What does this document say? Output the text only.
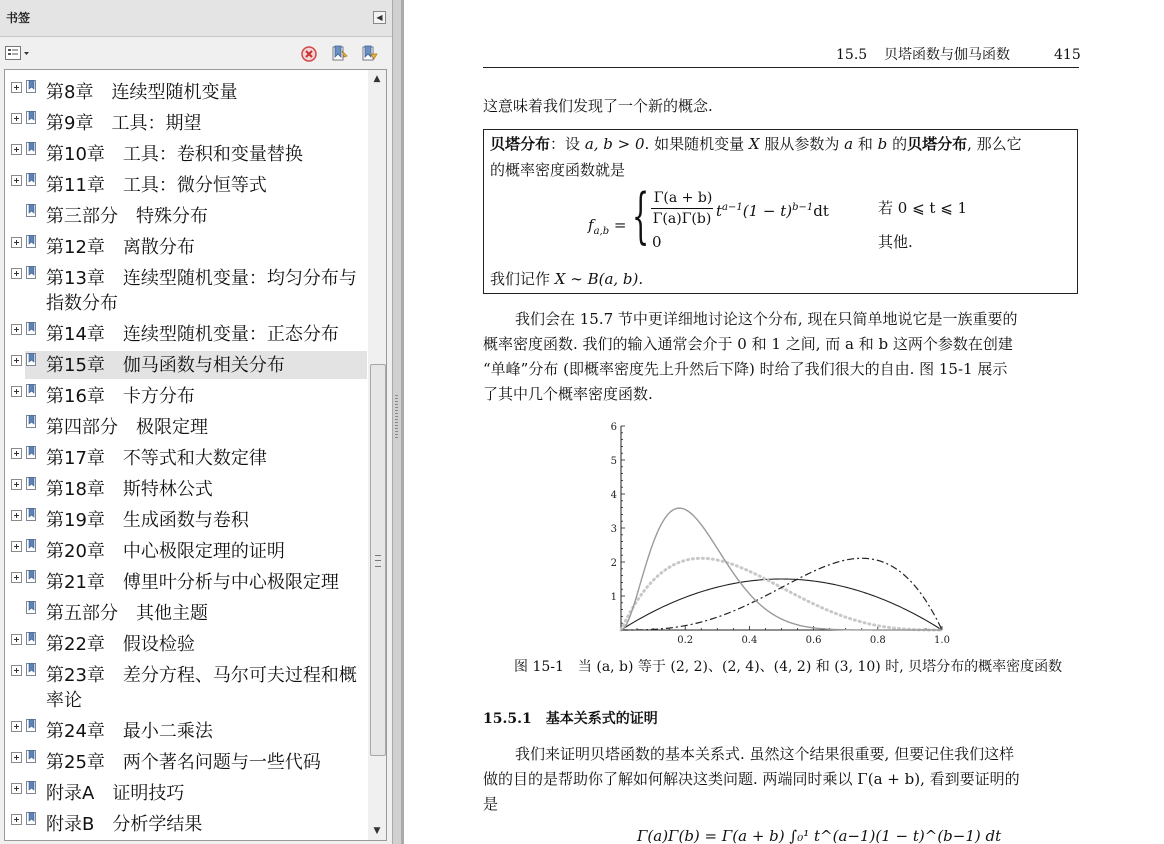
书签	◀
第8章　连续型随机变量
第9章　工具：期望
第10章　工具：卷积和变量替换
第11章　工具：微分恒等式
第三部分　特殊分布
第12章　离散分布
第13章　连续型随机变量：均匀分布与
指数分布
第14章　连续型随机变量：正态分布
第15章　伽马函数与相关分布
第16章　卡方分布
第四部分　极限定理
第17章　不等式和大数定律
第18章　斯特林公式
第19章　生成函数与卷积
第20章　中心极限定理的证明
第21章　傅里叶分析与中心极限定理
第五部分　其他主题
第22章　假设检验
第23章　差分方程、马尔可夫过程和概
率论
第24章　最小二乘法
第25章　两个著名问题与一些代码
附录A　证明技巧
附录B　分析学结果
▲
▼
15.5 贝塔函数与伽马函数	415
这意味着我们发现了一个新的概念.
贝塔分布：设 a, b > 0. 如果随机变量 X 服从参数为 a 和 b 的贝塔分布, 那么它
的概率密度函数就是
$f_{a,b}$ = { Γ(a + b)
Γ(a)Γ(b) $t^{a-1}(1 - t)^{b-1}dt$	若 0 ⩽ t ⩽ 1
0	其他.
我们记作 X ∼ B(a, b).
我们会在 15.7 节中更详细地讨论这个分布, 现在只简单地说它是一族重要的
概率密度函数. 我们的输入通常会介于 0 和 1 之间, 而 a 和 b 这两个参数在创建
“单峰”分布 (即概率密度先上升然后下降) 时给了我们很大的自由. 图 15-1 展示
了其中几个概率密度函数.
0.2	0.4	0.6	0.8	1.0
1
2
3
4
5
6
图 15-1　当 (a, b) 等于 (2, 2)、(2, 4)、(4, 2) 和 (3, 10) 时, 贝塔分布的概率密度函数
15.5.1　 基本关系式的证明
我们来证明贝塔函数的基本关系式. 虽然这个结果很重要, 但要记住我们这样
做的目的是帮助你了解如何解决这类问题. 两端同时乘以 Γ(a + b), 看到要证明的
是
Γ(a)Γ(b) = Γ(a + b) ∫₀¹ t^(a−1)(1 − t)^(b−1) dt
